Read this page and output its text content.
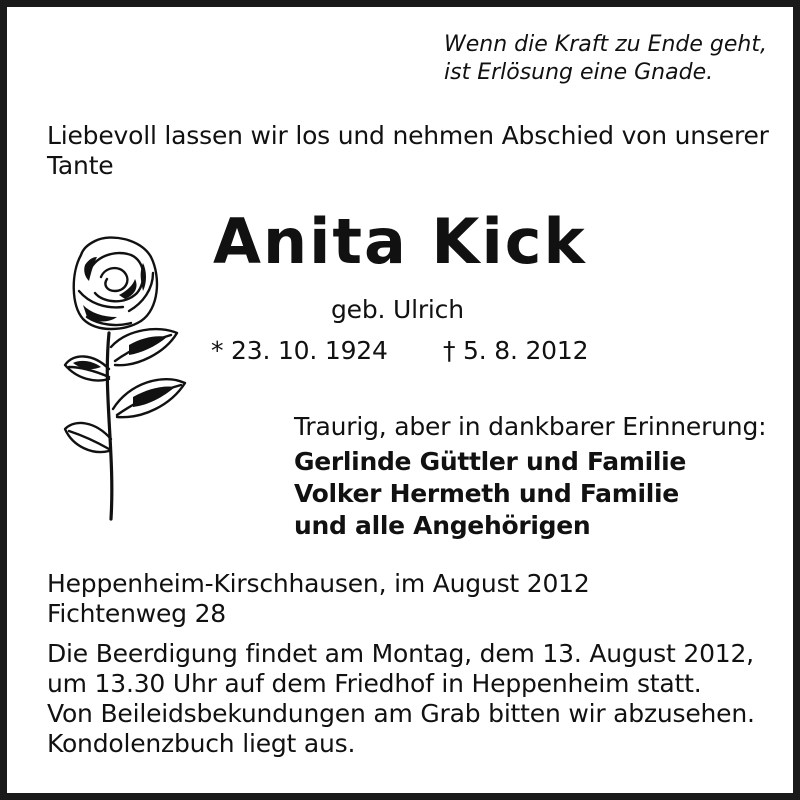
Wenn die Kraft zu Ende geht,

ist Erlösung eine Gnade.

Liebevoll lassen wir los und nehmen Abschied von unserer

Tante

Anita Kick

geb. Ulrich

* 23. 10. 1924 † 5. 8. 2012

Traurig, aber in dankbarer Erinnerung:

Gerlinde Güttler und Familie

Volker Hermeth und Familie

und alle Angehörigen

Heppenheim-Kirschhausen, im August 2012

Fichtenweg 28

Die Beerdigung findet am Montag, dem 13. August 2012,

um 13.30 Uhr auf dem Friedhof in Heppenheim statt.

Von Beileidsbekundungen am Grab bitten wir abzusehen.

Kondolenzbuch liegt aus.
